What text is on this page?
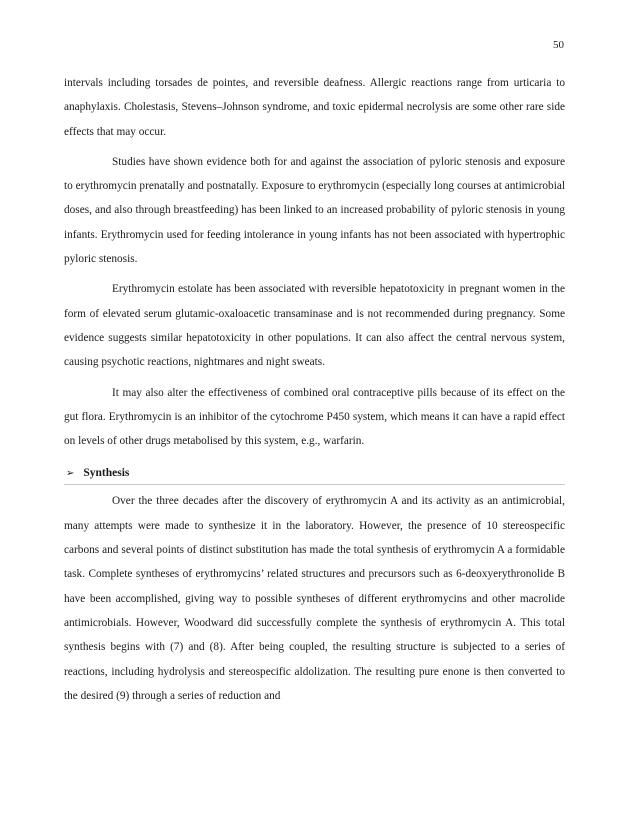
50

intervals including torsades de pointes, and reversible deafness. Allergic reactions range from urticaria to anaphylaxis. Cholestasis, Stevens–Johnson syndrome, and toxic epidermal necrolysis are some other rare side effects that may occur.

Studies have shown evidence both for and against the association of pyloric stenosis and exposure to erythromycin prenatally and postnatally. Exposure to erythromycin (especially long courses at antimicrobial doses, and also through breastfeeding) has been linked to an increased probability of pyloric stenosis in young infants. Erythromycin used for feeding intolerance in young infants has not been associated with hypertrophic pyloric stenosis.

Erythromycin estolate has been associated with reversible hepatotoxicity in pregnant women in the form of elevated serum glutamic-oxaloacetic transaminase and is not recommended during pregnancy. Some evidence suggests similar hepatotoxicity in other populations. It can also affect the central nervous system, causing psychotic reactions, nightmares and night sweats.

It may also alter the effectiveness of combined oral contraceptive pills because of its effect on the gut flora. Erythromycin is an inhibitor of the cytochrome P450 system, which means it can have a rapid effect on levels of other drugs metabolised by this system, e.g., warfarin.

➢ Synthesis

Over the three decades after the discovery of erythromycin A and its activity as an antimicrobial, many attempts were made to synthesize it in the laboratory. However, the presence of 10 stereospecific carbons and several points of distinct substitution has made the total synthesis of erythromycin A a formidable task. Complete syntheses of erythromycins’ related structures and precursors such as 6-deoxyerythronolide B have been accomplished, giving way to possible syntheses of different erythromycins and other macrolide antimicrobials. However, Woodward did successfully complete the synthesis of erythromycin A. This total synthesis begins with (7) and (8). After being coupled, the resulting structure is subjected to a series of reactions, including hydrolysis and stereospecific aldolization. The resulting pure enone is then converted to the desired (9) through a series of reduction and
